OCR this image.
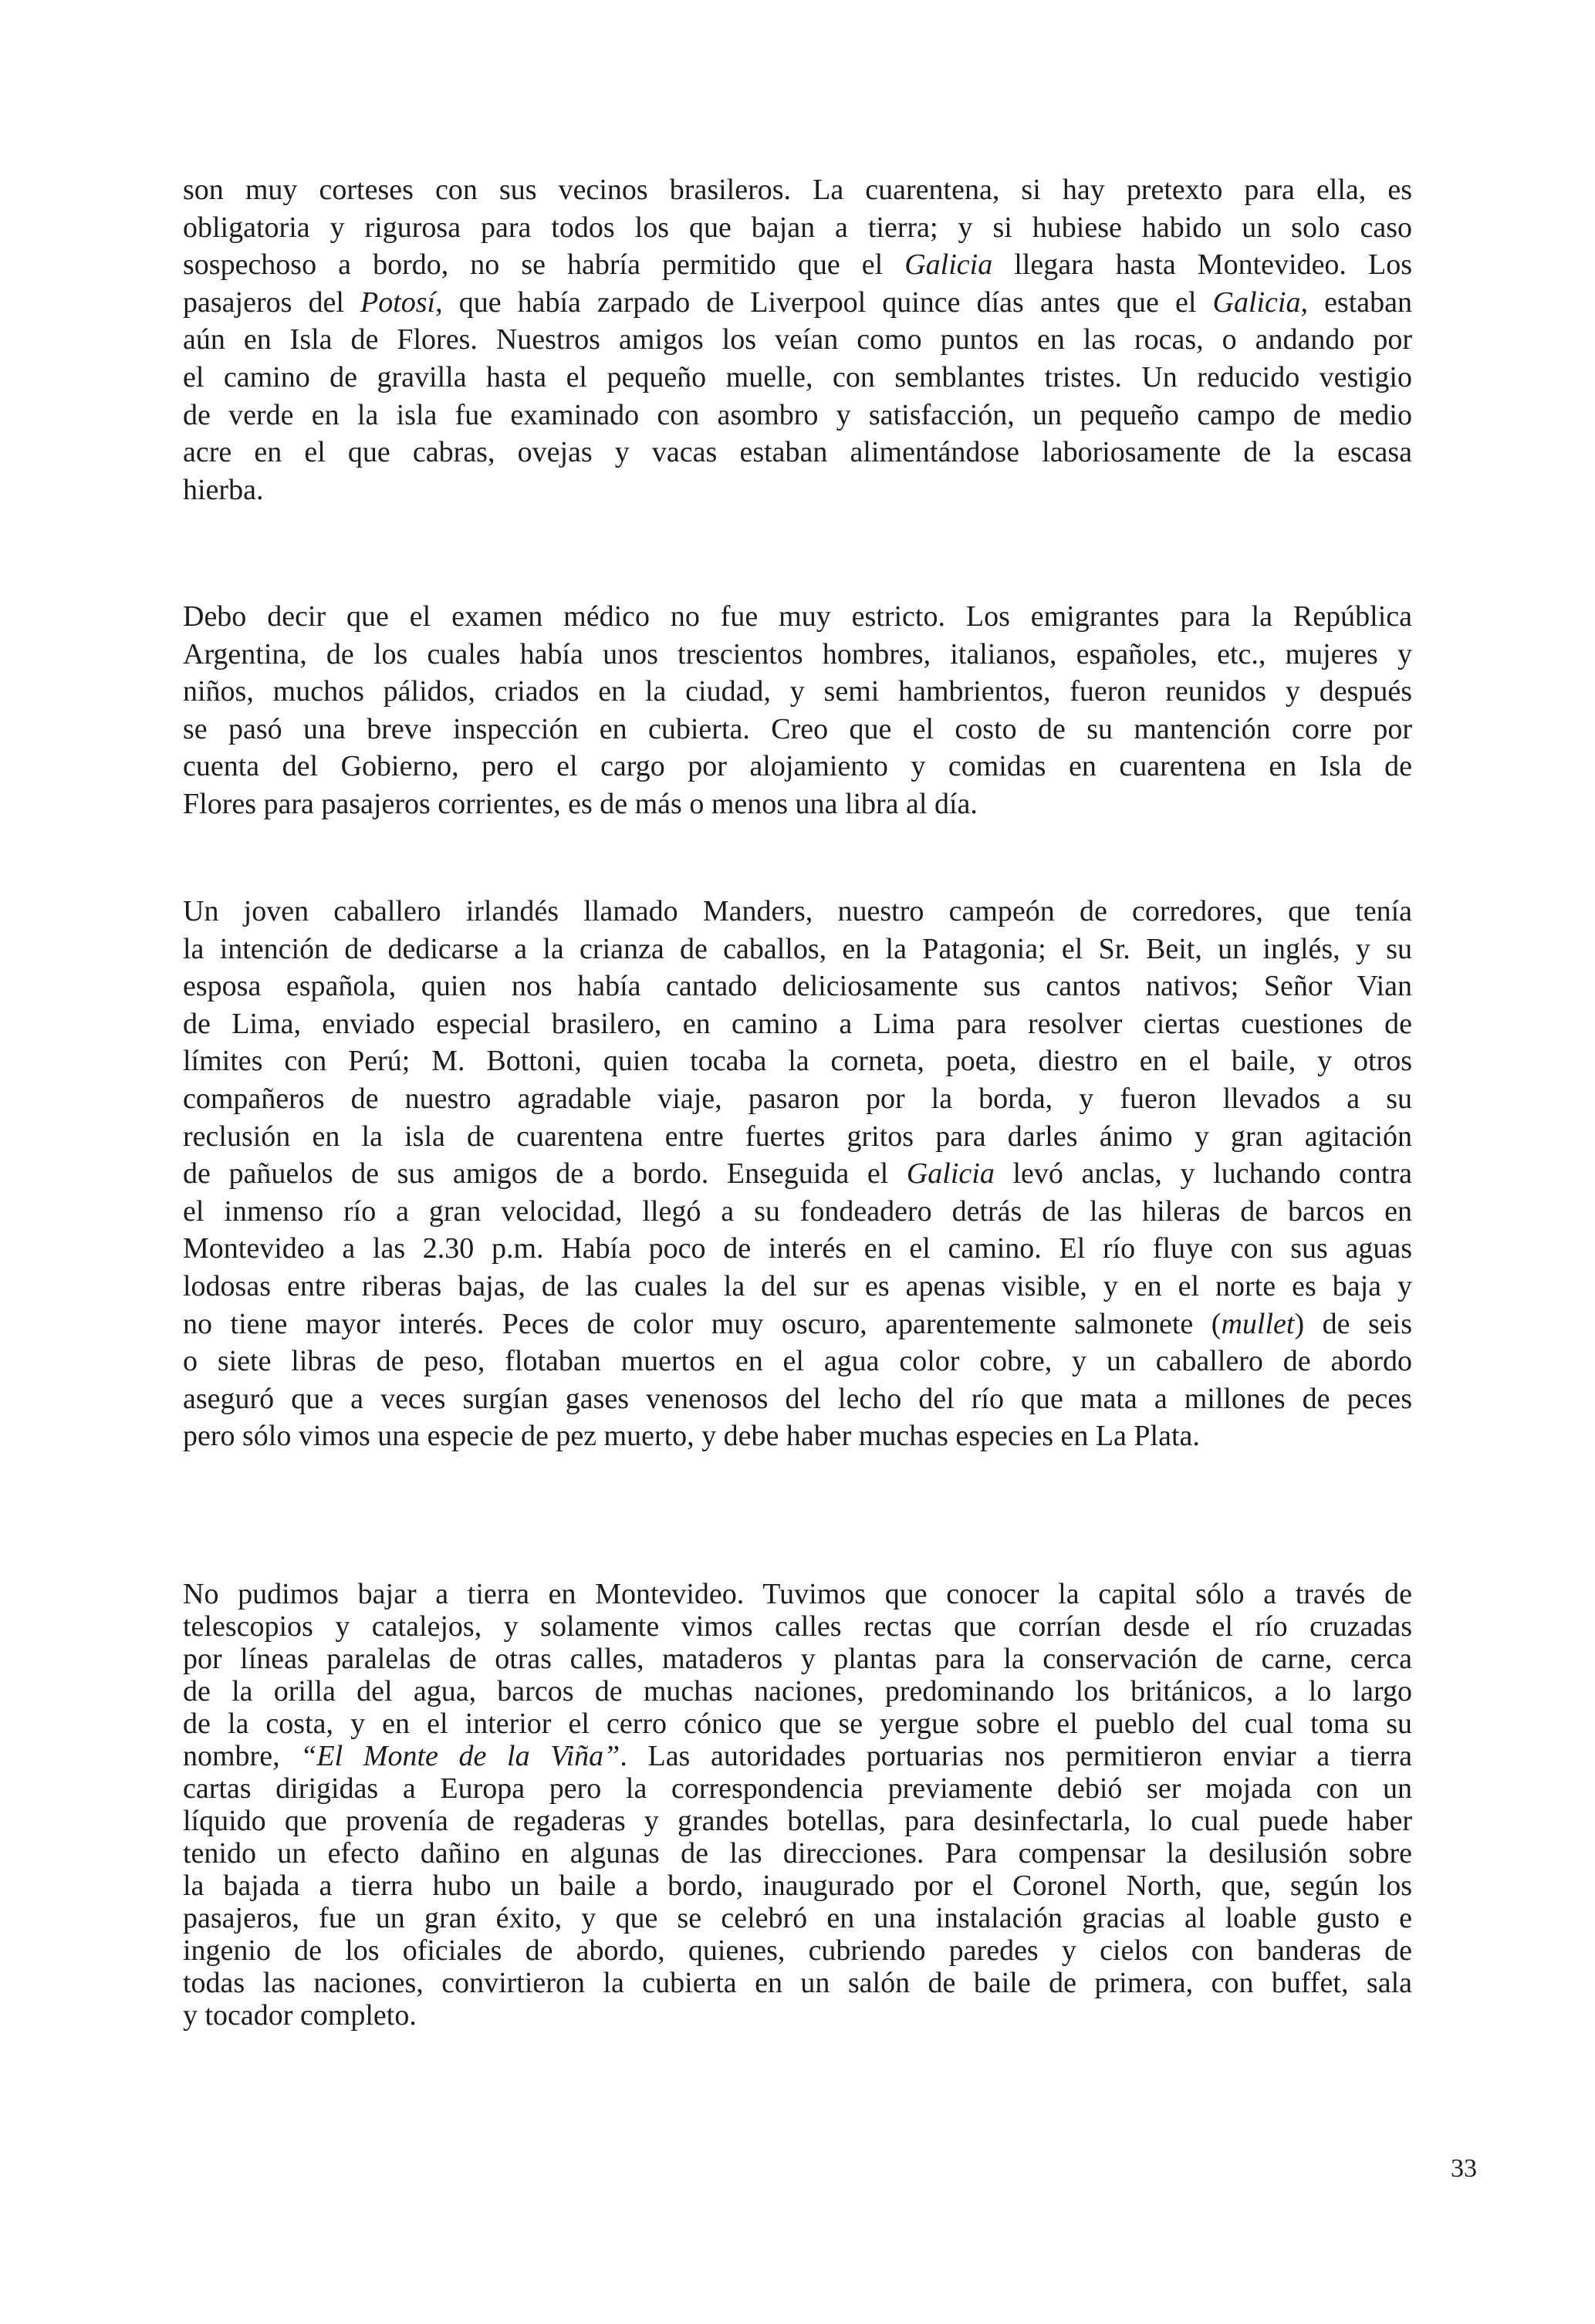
son muy corteses con sus vecinos brasileros. La cuarentena, si hay pretexto para ella, es
obligatoria y rigurosa para todos los que bajan a tierra; y si hubiese habido un solo caso
sospechoso a bordo, no se habría permitido que el Galicia llegara hasta Montevideo. Los
pasajeros del Potosí, que había zarpado de Liverpool quince días antes que el Galicia, estaban
aún en Isla de Flores. Nuestros amigos los veían como puntos en las rocas, o andando por
el camino de gravilla hasta el pequeño muelle, con semblantes tristes. Un reducido vestigio
de verde en la isla fue examinado con asombro y satisfacción, un pequeño campo de medio
acre en el que cabras, ovejas y vacas estaban alimentándose laboriosamente de la escasa
hierba.

Debo decir que el examen médico no fue muy estricto. Los emigrantes para la República
Argentina, de los cuales había unos trescientos hombres, italianos, españoles, etc., mujeres y
niños, muchos pálidos, criados en la ciudad, y semi hambrientos, fueron reunidos y después
se pasó una breve inspección en cubierta. Creo que el costo de su mantención corre por
cuenta del Gobierno, pero el cargo por alojamiento y comidas en cuarentena en Isla de
Flores para pasajeros corrientes, es de más o menos una libra al día.

Un joven caballero irlandés llamado Manders, nuestro campeón de corredores, que tenía
la intención de dedicarse a la crianza de caballos, en la Patagonia; el Sr. Beit, un inglés, y su
esposa española, quien nos había cantado deliciosamente sus cantos nativos; Señor Vian
de Lima, enviado especial brasilero, en camino a Lima para resolver ciertas cuestiones de
límites con Perú; M. Bottoni, quien tocaba la corneta, poeta, diestro en el baile, y otros
compañeros de nuestro agradable viaje, pasaron por la borda, y fueron llevados a su
reclusión en la isla de cuarentena entre fuertes gritos para darles ánimo y gran agitación
de pañuelos de sus amigos de a bordo. Enseguida el Galicia levó anclas, y luchando contra
el inmenso río a gran velocidad, llegó a su fondeadero detrás de las hileras de barcos en
Montevideo a las 2.30 p.m. Había poco de interés en el camino. El río fluye con sus aguas
lodosas entre riberas bajas, de las cuales la del sur es apenas visible, y en el norte es baja y
no tiene mayor interés. Peces de color muy oscuro, aparentemente salmonete (mullet) de seis
o siete libras de peso, flotaban muertos en el agua color cobre, y un caballero de abordo
aseguró que a veces surgían gases venenosos del lecho del río que mata a millones de peces
pero sólo vimos una especie de pez muerto, y debe haber muchas especies en La Plata.

No pudimos bajar a tierra en Montevideo. Tuvimos que conocer la capital sólo a través de
telescopios y catalejos, y solamente vimos calles rectas que corrían desde el río cruzadas
por líneas paralelas de otras calles, mataderos y plantas para la conservación de carne, cerca
de la orilla del agua, barcos de muchas naciones, predominando los británicos, a lo largo
de la costa, y en el interior el cerro cónico que se yergue sobre el pueblo del cual toma su
nombre, “El Monte de la Viña”. Las autoridades portuarias nos permitieron enviar a tierra
cartas dirigidas a Europa pero la correspondencia previamente debió ser mojada con un
líquido que provenía de regaderas y grandes botellas, para desinfectarla, lo cual puede haber
tenido un efecto dañino en algunas de las direcciones. Para compensar la desilusión sobre
la bajada a tierra hubo un baile a bordo, inaugurado por el Coronel North, que, según los
pasajeros, fue un gran éxito, y que se celebró en una instalación gracias al loable gusto e
ingenio de los oficiales de abordo, quienes, cubriendo paredes y cielos con banderas de
todas las naciones, convirtieron la cubierta en un salón de baile de primera, con buffet, sala
y tocador completo.

33
